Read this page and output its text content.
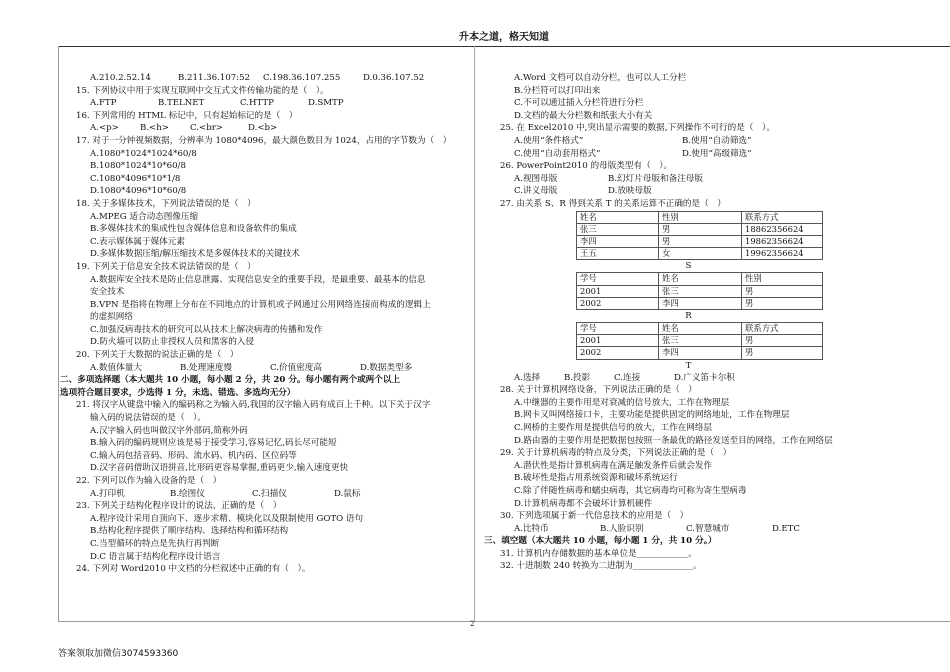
升本之道，格天知道
A.210.2.52.14	B.211.36.107:52	C.198.36.107.255	D.0.36.107.52
15. 下列协议中用于实现互联网中交互式文件传输功能的是（　）。
A.FTP	B.TELNET	C.HTTP	D.SMTP
16. 下列常用的 HTML 标记中，只有起始标记的是（　）
A.<p>	B.<h>	C.<br>	D.<b>
17. 对于一分钟视频数据，分辨率为 1080*4096，最大颜色数目为 1024，占用的字节数为（　）
A.1080*1024*1024*60/8
B.1080*1024*10*60/8
C.1080*4096*10*1/8
D.1080*4096*10*60/8
18. 关于多媒体技术，下列说法错误的是（　）
A.MPEG 适合动态图像压缩
B.多媒体技术的集成性包含媒体信息和设备软件的集成
C.表示媒体属于媒体元素
D.多媒体数据压缩/解压缩技术是多媒体技术的关键技术
19. 下列关于信息安全技术说法错误的是（　）
A.数据库安全技术是防止信息泄露、实现信息安全的重要手段，是最重要、最基本的信息
安全技术
B.VPN 是指将在物理上分布在不同地点的计算机或子网通过公用网络连接而构成的逻辑上
的虚拟网络
C.加强反病毒技术的研究可以从技术上解决病毒的传播和发作
D.防火墙可以防止非授权人员和黑客的入侵
20. 下列关于大数据的说法正确的是（　）
A.数值体量大	B.处理速度慢	C.价值密度高	D.数据类型多
二、多项选择题（本大题共 10 小题，每小题 2 分，共 20 分。每小题有两个或两个以上
选项符合题目要求，少选得 1 分，未选、错选、多选均无分）
21. 将汉字从键盘中输入的编码称之为输入码,我国的汉字输入码有成百上千种。以下关于汉字
输入码的说法错误的是（　）。
A.汉字输入码也叫做汉字外部码,简称外码
B.输入码的编码规则应该是易于接受学习,容易记忆,码长尽可能短
C.输入码包括音码、形码、流水码、机内码、区位码等
D.汉字音码借助汉语拼音,比形码更容易掌握,重码更少,输入速度更快
22. 下列可以作为输入设备的是（　）
A.打印机	B.绘图仪	C.扫描仪	D.鼠标
23. 下列关于结构化程序设计的说法，正确的是（　）
A.程序设计采用自顶向下、逐步求精、模块化以及限制使用 GOTO 语句
B.结构化程序提供了顺序结构、选择结构和循环结构
C.当型循环的特点是先执行再判断
D.C 语言属于结构化程序设计语言
24. 下列对 Word2010 中文档的分栏叙述中正确的有（　）。
A.Word 文档可以自动分栏，也可以人工分栏
B.分栏符可以打印出来
C.不可以通过插入分栏符进行分栏
D.文档的最大分栏数和纸张大小有关
25. 在 Excel2010 中,突出显示需要的数据,下列操作不可行的是（　）。
A.使用“条件格式”	B.使用“自动筛选”
C.使用“自动套用格式”	D.使用“高级筛选”
26. PowerPoint2010 的母版类型有（　）。
A.视图母版	B.幻灯片母版和备注母版
C.讲义母版	D.放映母版
27. 由关系 S、R 得到关系 T 的关系运算不正确的是（　）
姓名	性别	联系方式
张三	男	18862356624
李四	男	19862356624
王五	女	19962356624
S
学号	姓名	性别
2001	张三	男
2002	李四	男
R
学号	姓名	联系方式
2001	张三	男
2002	李四	男
T
A.选择	B.投影	C.连接	D.广义笛卡尔积
28. 关于计算机网络设备，下列说法正确的是（　）
A.中继器的主要作用是对衰减的信号放大，工作在物理层
B.网卡又叫网络接口卡，主要功能是提供固定的网络地址，工作在物理层
C.网桥的主要作用是提供信号的放大，工作在网络层
D.路由器的主要作用是把数据包按照一条最优的路径发送至目的网络，工作在网络层
29. 关于计算机病毒的特点及分类，下列说法正确的是（　）
A.潜伏性是指计算机病毒在满足触发条件后就会发作
B.破坏性是指占用系统资源和破坏系统运行
C.除了伴随性病毒和蠕虫病毒，其它病毒均可称为寄生型病毒
D.计算机病毒都不会破坏计算机硬件
30. 下列选项属于新一代信息技术的应用是（　）
A.比特币	B.人脸识别	C.智慧城市	D.ETC
三、填空题（本大题共 10 小题，每小题 1 分，共 10 分。）
31. 计算机内存储数据的基本单位是____________。
32. 十进制数 240 转换为二进制为______________。
2
答案领取加微信3074593360
